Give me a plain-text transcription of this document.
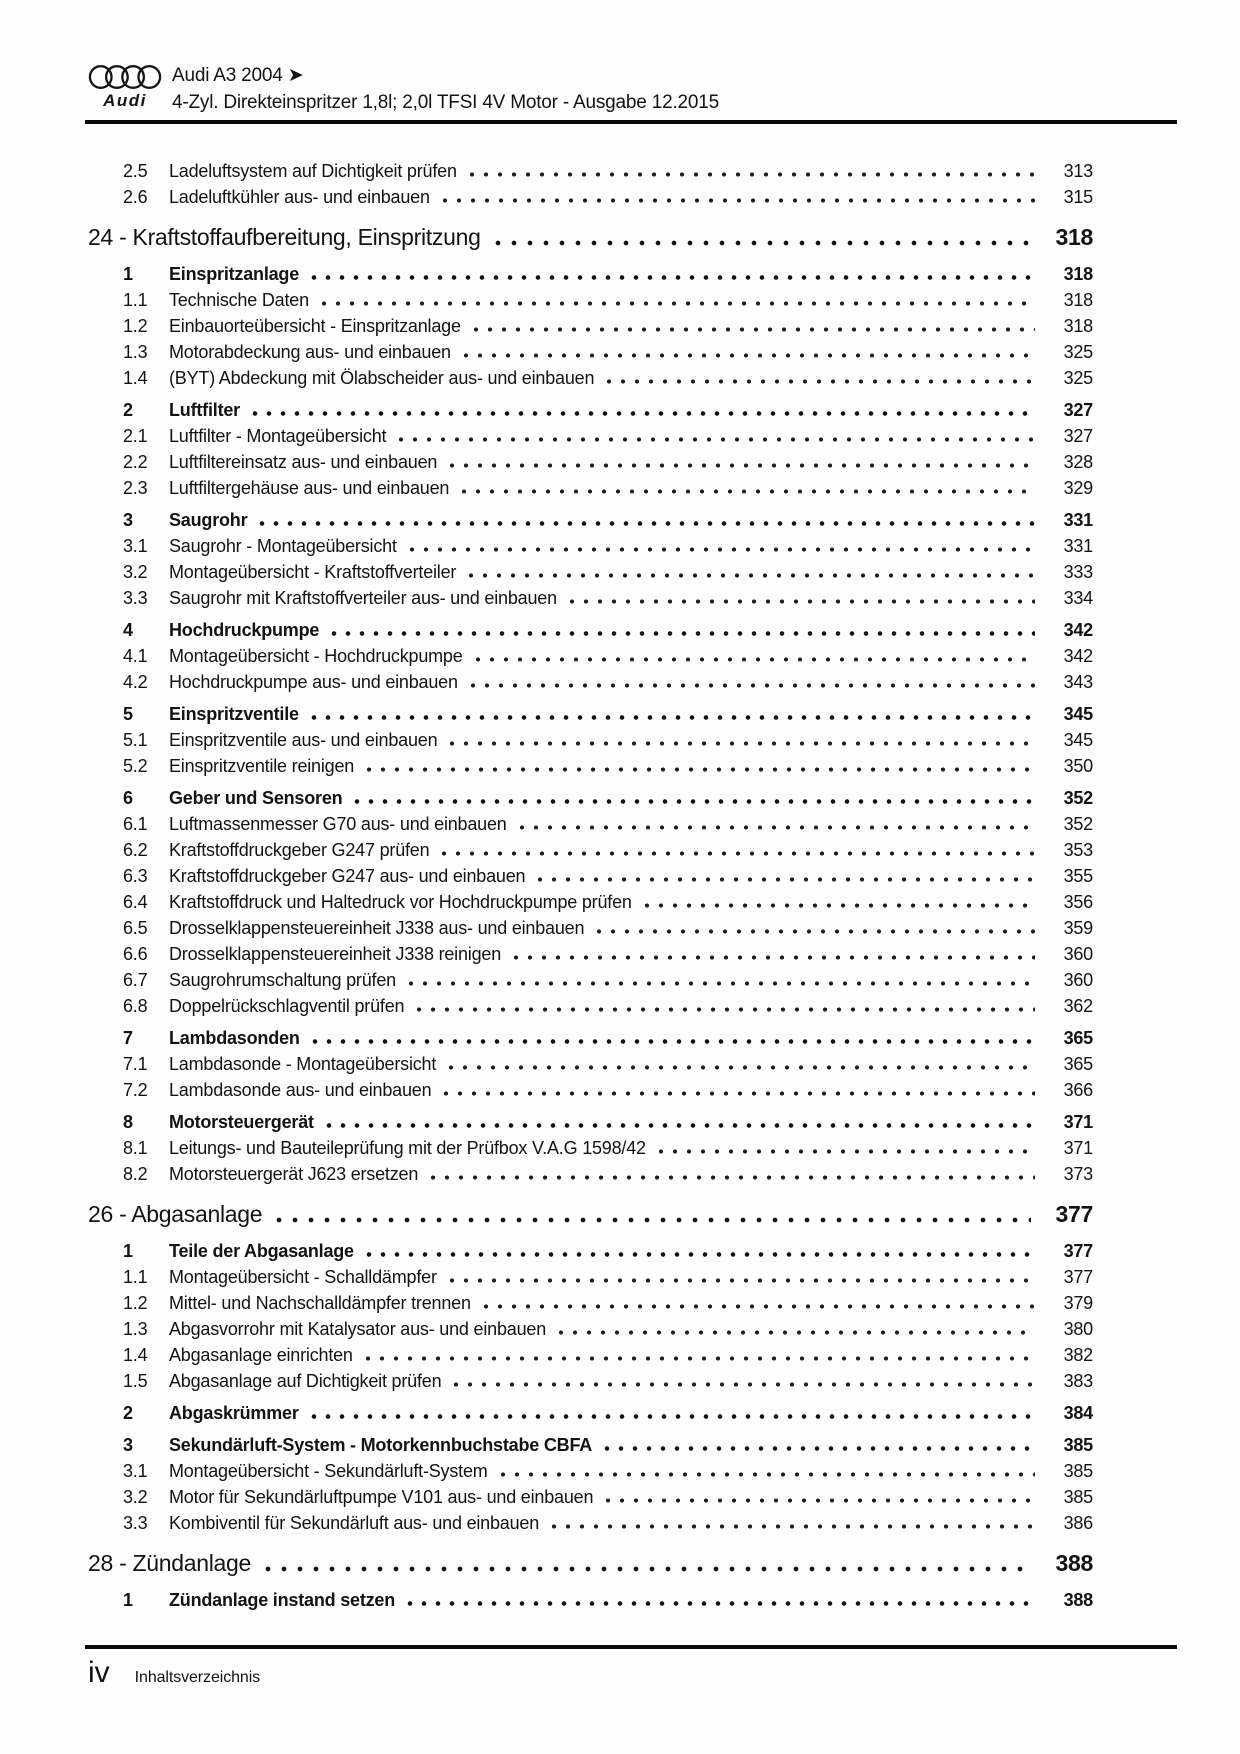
Audi
Audi A3 2004 ➤
4-Zyl. Direkteinspritzer 1,8l; 2,0l TFSI 4V Motor - Ausgabe 12.2015
2.5	Ladeluftsystem auf Dichtigkeit prüfen	313
2.6	Ladeluftkühler aus- und einbauen	315
24 - Kraftstoffaufbereitung, Einspritzung	318
1	Einspritzanlage	318
1.1	Technische Daten	318
1.2	Einbauorteübersicht - Einspritzanlage	318
1.3	Motorabdeckung aus- und einbauen	325
1.4	(BYT) Abdeckung mit Ölabscheider aus- und einbauen	325
2	Luftfilter	327
2.1	Luftfilter - Montageübersicht	327
2.2	Luftfiltereinsatz aus- und einbauen	328
2.3	Luftfiltergehäuse aus- und einbauen	329
3	Saugrohr	331
3.1	Saugrohr - Montageübersicht	331
3.2	Montageübersicht - Kraftstoffverteiler	333
3.3	Saugrohr mit Kraftstoffverteiler aus- und einbauen	334
4	Hochdruckpumpe	342
4.1	Montageübersicht - Hochdruckpumpe	342
4.2	Hochdruckpumpe aus- und einbauen	343
5	Einspritzventile	345
5.1	Einspritzventile aus- und einbauen	345
5.2	Einspritzventile reinigen	350
6	Geber und Sensoren	352
6.1	Luftmassenmesser G70 aus- und einbauen	352
6.2	Kraftstoffdruckgeber G247 prüfen	353
6.3	Kraftstoffdruckgeber G247 aus- und einbauen	355
6.4	Kraftstoffdruck und Haltedruck vor Hochdruckpumpe prüfen	356
6.5	Drosselklappensteuereinheit J338 aus- und einbauen	359
6.6	Drosselklappensteuereinheit J338 reinigen	360
6.7	Saugrohrumschaltung prüfen	360
6.8	Doppelrückschlagventil prüfen	362
7	Lambdasonden	365
7.1	Lambdasonde - Montageübersicht	365
7.2	Lambdasonde aus- und einbauen	366
8	Motorsteuergerät	371
8.1	Leitungs- und Bauteileprüfung mit der Prüfbox V.A.G 1598/42	371
8.2	Motorsteuergerät J623 ersetzen	373
26 - Abgasanlage	377
1	Teile der Abgasanlage	377
1.1	Montageübersicht - Schalldämpfer	377
1.2	Mittel- und Nachschalldämpfer trennen	379
1.3	Abgasvorrohr mit Katalysator aus- und einbauen	380
1.4	Abgasanlage einrichten	382
1.5	Abgasanlage auf Dichtigkeit prüfen	383
2	Abgaskrümmer	384
3	Sekundärluft-System - Motorkennbuchstabe CBFA	385
3.1	Montageübersicht - Sekundärluft-System	385
3.2	Motor für Sekundärluftpumpe V101 aus- und einbauen	385
3.3	Kombiventil für Sekundärluft aus- und einbauen	386
28 - Zündanlage	388
1	Zündanlage instand setzen	388
iv Inhaltsverzeichnis
